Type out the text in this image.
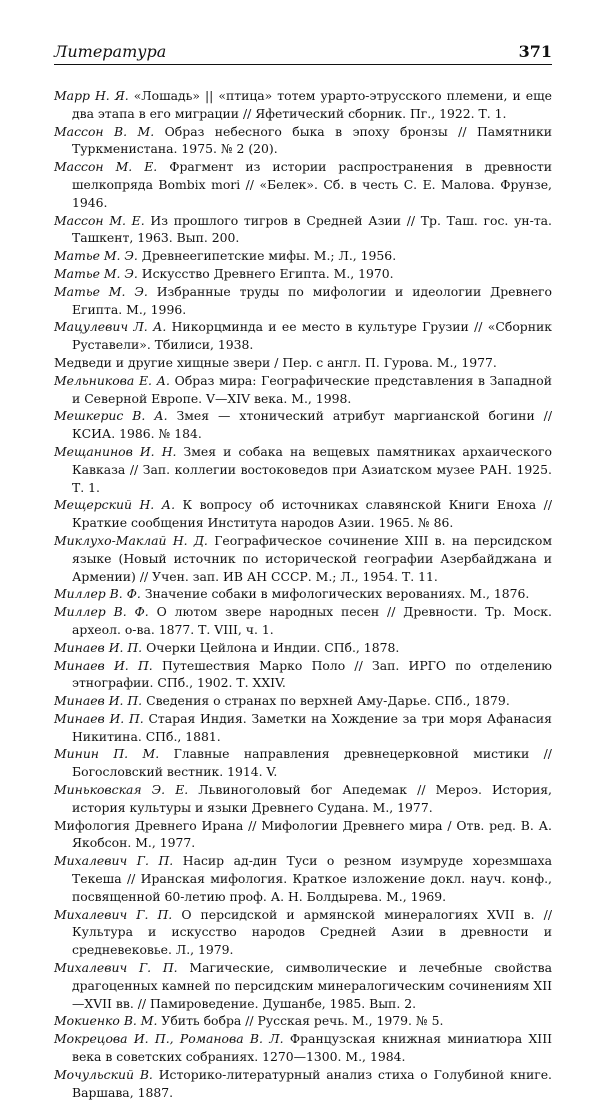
Литература	371

Марр Н. Я. «Лошадь» || «птица» тотем урарто-этрусского племени, и еще два этапа в его миграции // Яфетический сборник. Пг., 1922. Т. 1.

Массон В. М. Образ небесного быка в эпоху бронзы // Памятники Туркменистана. 1975. № 2 (20).

Массон М. Е. Фрагмент из истории распространения в древности шелкопряда Bombix mori // «Белек». Сб. в честь С. Е. Малова. Фрунзе, 1946.

Массон М. Е. Из прошлого тигров в Средней Азии // Тр. Таш. гос. ун-та. Ташкент, 1963. Вып. 200.

Матье М. Э. Древнеегипетские мифы. М.; Л., 1956.

Матье М. Э. Искусство Древнего Египта. М., 1970.

Матье М. Э. Избранные труды по мифологии и идеологии Древнего Египта. М., 1996.

Мацулевич Л. А. Никорцминда и ее место в культуре Грузии // «Сборник Руставели». Тбилиси, 1938.

Медведи и другие хищные звери / Пер. с англ. П. Гурова. М., 1977.

Мельникова Е. А. Образ мира: Географические представления в Западной и Северной Европе. V—XIV века. М., 1998.

Мешкерис В. А. Змея — хтонический атрибут маргианской богини // КСИА. 1986. № 184.

Мещанинов И. Н. Змея и собака на вещевых памятниках архаического Кавказа // Зап. коллегии востоковедов при Азиатском музее РАН. 1925. Т. 1.

Мещерский Н. А. К вопросу об источниках славянской Книги Еноха // Краткие сообщения Института народов Азии. 1965. № 86.

Миклухо-Маклай Н. Д. Географическое сочинение XIII в. на персидском языке (Новый источник по исторической географии Азербайджана и Армении) // Учен. зап. ИВ АН СССР. М.; Л., 1954. Т. 11.

Миллер В. Ф. Значение собаки в мифологических верованиях. М., 1876.

Миллер В. Ф. О лютом звере народных песен // Древности. Тр. Моск. археол. о-ва. 1877. Т. VIII, ч. 1.

Минаев И. П. Очерки Цейлона и Индии. СПб., 1878.

Минаев И. П. Путешествия Марко Поло // Зап. ИРГО по отделению этнографии. СПб., 1902. Т. XXIV.

Минаев И. П. Сведения о странах по верхней Аму-Дарье. СПб., 1879.

Минаев И. П. Старая Индия. Заметки на Хождение за три моря Афанасия Никитина. СПб., 1881.

Минин П. М. Главные направления древнецерковной мистики // Богословский вестник. 1914. V.

Миньковская Э. Е. Львиноголовый бог Апедемак // Мероэ. История, история культуры и языки Древнего Судана. М., 1977.

Мифология Древнего Ирана // Мифологии Древнего мира / Отв. ред. В. А. Якобсон. М., 1977.

Михалевич Г. П. Насир ад-дин Туси о резном изумруде хорезмшаха Текеша // Иранская мифология. Краткое изложение докл. науч. конф., посвященной 60-летию проф. А. Н. Болдырева. М., 1969.

Михалевич Г. П. О персидской и армянской минералогиях XVII в. // Культура и искусство народов Средней Азии в древности и средневековье. Л., 1979.

Михалевич Г. П. Магические, символические и лечебные свойства драгоценных камней по персидским минералогическим сочинениям XII—XVII вв. // Памироведение. Душанбе, 1985. Вып. 2.

Мокиенко В. М. Убить бобра // Русская речь. М., 1979. № 5.

Мокрецова И. П., Романова В. Л. Французская книжная миниатюра XIII века в советских собраниях. 1270—1300. М., 1984.

Мочульский В. Историко-литературный анализ стиха о Голубиной книге. Варшава, 1887.
